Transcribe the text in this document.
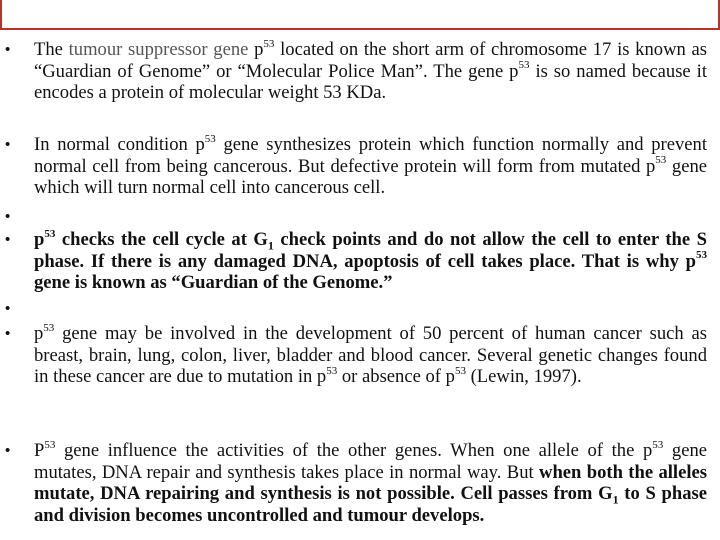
• The tumour suppressor gene $p^{53}$ located on the short arm of chromosome 17 is known as “Guardian of Genome” or “Molecular Police Man”. The gene $p^{53}$ is so named because it encodes a protein of molecular weight 53 KDa.

• In normal condition $p^{53}$ gene synthesizes protein which function normally and prevent normal cell from being cancerous. But defective protein will form from mutated $p^{53}$ gene which will turn normal cell into cancerous cell.

•
• $p^{53}$ checks the cell cycle at $G_1$ check points and do not allow the cell to enter the S phase. If there is any damaged DNA, apoptosis of cell takes place. That is why $p^{53}$ gene is known as “Guardian of the Genome.”

•
• $p^{53}$ gene may be involved in the development of 50 percent of human cancer such as breast, brain, lung, colon, liver, bladder and blood cancer. Several genetic changes found in these cancer are due to mutation in $p^{53}$ or absence of $p^{53}$ (Lewin, 1997).

• $P^{53}$ gene influence the activities of the other genes. When one allele of the $p^{53}$ gene mutates, DNA repair and synthesis takes place in normal way. But when both the alleles mutate, DNA repairing and synthesis is not possible. Cell passes from $G_1$ to S phase and division becomes uncontrolled and tumour develops.
